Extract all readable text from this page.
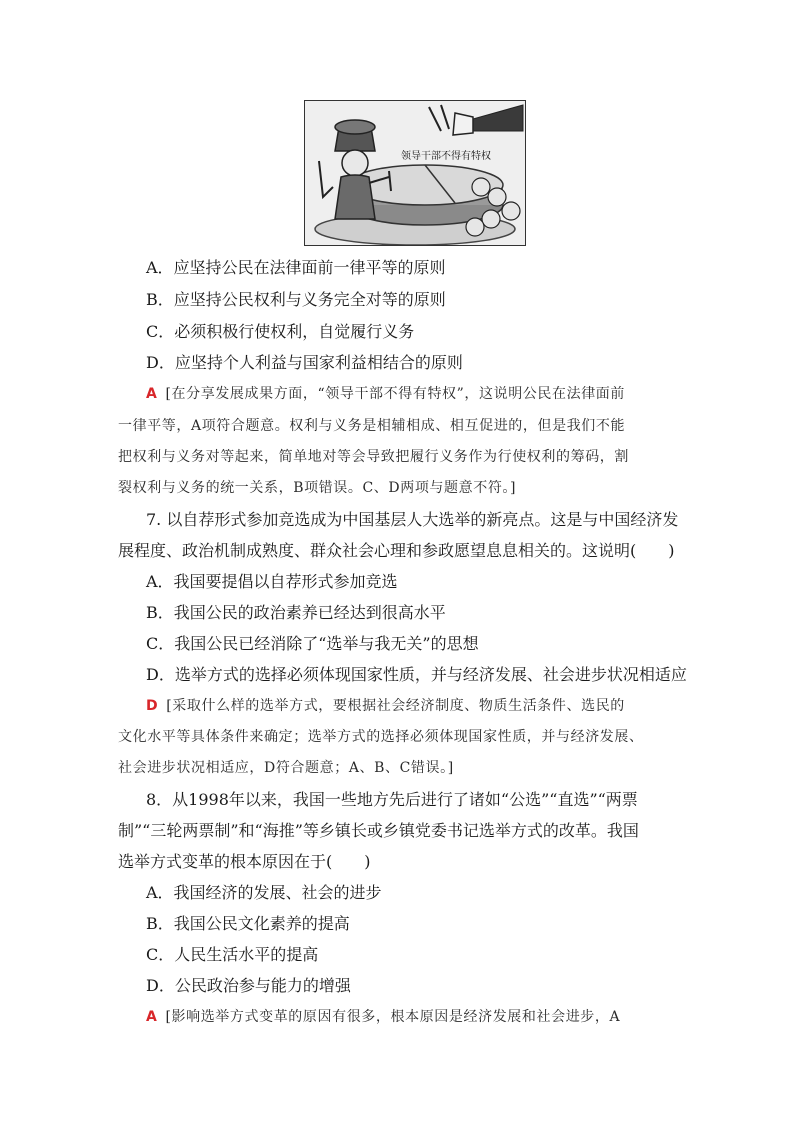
领导干部不得有特权
A．应坚持公民在法律面前一律平等的原则
B．应坚持公民权利与义务完全对等的原则
C．必须积极行使权利，自觉履行义务
D．应坚持个人利益与国家利益相结合的原则
A [在分享发展成果方面，“领导干部不得有特权”，这说明公民在法律面前
一律平等，A项符合题意。权利与义务是相辅相成、相互促进的，但是我们不能
把权利与义务对等起来，简单地对等会导致把履行义务作为行使权利的筹码，割
裂权利与义务的统一关系，B项错误。C、D两项与题意不符。]
7. 以自荐形式参加竞选成为中国基层人大选举的新亮点。这是与中国经济发
展程度、政治机制成熟度、群众社会心理和参政愿望息息相关的。这说明(　　)
A．我国要提倡以自荐形式参加竞选
B．我国公民的政治素养已经达到很高水平
C．我国公民已经消除了“选举与我无关”的思想
D．选举方式的选择必须体现国家性质，并与经济发展、社会进步状况相适应
D [采取什么样的选举方式，要根据社会经济制度、物质生活条件、选民的
文化水平等具体条件来确定；选举方式的选择必须体现国家性质，并与经济发展、
社会进步状况相适应，D符合题意；A、B、C错误。]
8．从1998年以来，我国一些地方先后进行了诸如“公选”“直选”“两票
制”“三轮两票制”和“海推”等乡镇长或乡镇党委书记选举方式的改革。我国
选举方式变革的根本原因在于(　　)
A．我国经济的发展、社会的进步
B．我国公民文化素养的提高
C．人民生活水平的提高
D．公民政治参与能力的增强
A [影响选举方式变革的原因有很多，根本原因是经济发展和社会进步，A
